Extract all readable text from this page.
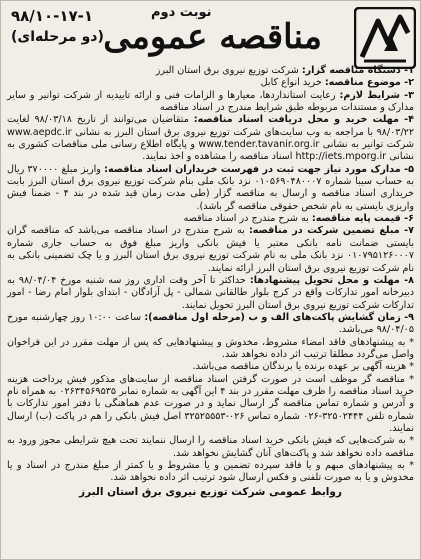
مناقصه عمومی
نوبت دوم
۹۸/۱۰-۱۷-۱
(دو مرحله‌ای)

۱- دستگاه مناقصه گزار: شرکت توزیع نیروی برق استان البرز

۲- موضوع مناقصه: خرید انواع کابل

۳- شرایط لازم: رعایت استانداردها، معیارها و الزامات فنی و ارائه تاییدیه از شرکت توانیر و سایر مدارک و مستندات مربوطه طبق شرایط مندرج در اسناد مناقصه

۴- مهلت خرید و محل دریافت اسناد مناقصه: متقاضیان می‌توانند از تاریخ ۹۸/۰۳/۱۸ لغایت ۹۸/۰۳/۲۲ با مراجعه به وب سایت‌های شرکت توزیع نیروی برق استان البرز به نشانی www.aepdc.ir شرکت توانیر به نشانی www.tender.tavanir.org.ir و پایگاه اطلاع رسانی ملی مناقصات کشوری به نشانی http://iets.mporg.ir اسناد مناقصه را مشاهده و اخذ نمایند.

۵- مدارک مورد نیاز جهت ثبت در فهرست خریداران اسناد مناقصه: واریز مبلغ ۳۷۰۰۰۰ ریال به حساب سیبا شماره ۰۱۰۵۶۹۰۴۸۰۰۰۷ نزد بانک ملی بنام شرکت توزیع نیروی برق استان البرز بابت خریداری اسناد مناقصه و ارسال به مناقصه گزار (طی مدت زمان قید شده در بند ۴ - ضمنا فیش واریزی بایستی به نام شخص حقوقی مناقصه گر باشد).

۶- قیمت پایه مناقصه: به شرح مندرج در اسناد مناقصه

۷- مبلغ تضمین شرکت در مناقصه: به شرح مندرج در اسناد مناقصه می‌باشد که مناقصه گران بایستی ضمانت نامه بانکی معتبر یا فیش بانکی واریز مبلغ فوق به حساب جاری شماره ۰۱۰۷۹۵۱۲۶۰۰۰۷ نزد بانک ملی به نام شرکت توزیع نیروی برق استان البرز و یا چک تضمینی بانکی به نام شرکت توزیع نیروی برق استان البرز ارائه نمایند.

۸- مهلت و محل تحویل پیشنهادها: حداکثر تا آخر وقت اداری روز سه شنبه مورخ ۹۸/۰۴/۰۴ به دبیرخانه امور تدارکات واقع در کرج بلوار طالقانی شمالی - پل آزادگان - ابتدای بلوار امام رضا - امور تدارکات شرکت توزیع نیروی برق استان البرز تحویل نمایند.

۹- زمان گشایش پاکت‌های الف و ب (مرحله اول مناقصه): ساعت ۱۰:۰۰ روز چهارشنبه مورخ ۹۸/۰۴/۰۵ می‌باشد.

* به پیشنهادهای فاقد امضاء مشروط، مخدوش و پیشنهادهایی که پس از مهلت مقرر در این فراخوان واصل می‌گردد مطلقا ترتیب اثر داده نخواهد شد.

* هزینه آگهی بر عهده برنده یا برندگان مناقصه می‌باشد.

* مناقصه گر موظف است در صورت گرفتن اسناد مناقصه از سایت‌های مذکور فیش پرداخت هزینه خرید اسناد مناقصه را ظرف مهلت مقرر در بند ۴ این آگهی به شماره نمابر ۰۲۶۳۴۵۶۹۵۳۵ به همراه نام و آدرس و شماره تماس مناقصه گر ارسال نماید و در صورت عدم هماهنگی با دفتر امور تدارکات با شماره تلفن ۳۲۵۰۲۴۴۴-۰۲۶ شماره تماس ۰۲۶-۳۲۵۲۵۵۵۳ اصل فیش بانکی را هم در پاکت (ب) ارسال نمایند.

* به شرکت‌هایی که فیش بانکی خرید اسناد مناقصه را ارسال ننمایند تحت هیچ شرایطی مجوز ورود به مناقصه داده نخواهد شد و پاکت‌های آنان گشایش نخواهد شد.

* به پیشنهادهای مبهم و یا فاقد سپرده تضمین و یا مشروط و یا کمتر از مبلغ مندرج در اسناد و یا مخدوش و یا به صورت تلفنی و فکس ارسال شود ترتیب اثر داده نخواهد شد.

روابط عمومی شرکت توزیع نیروی برق استان البرز
